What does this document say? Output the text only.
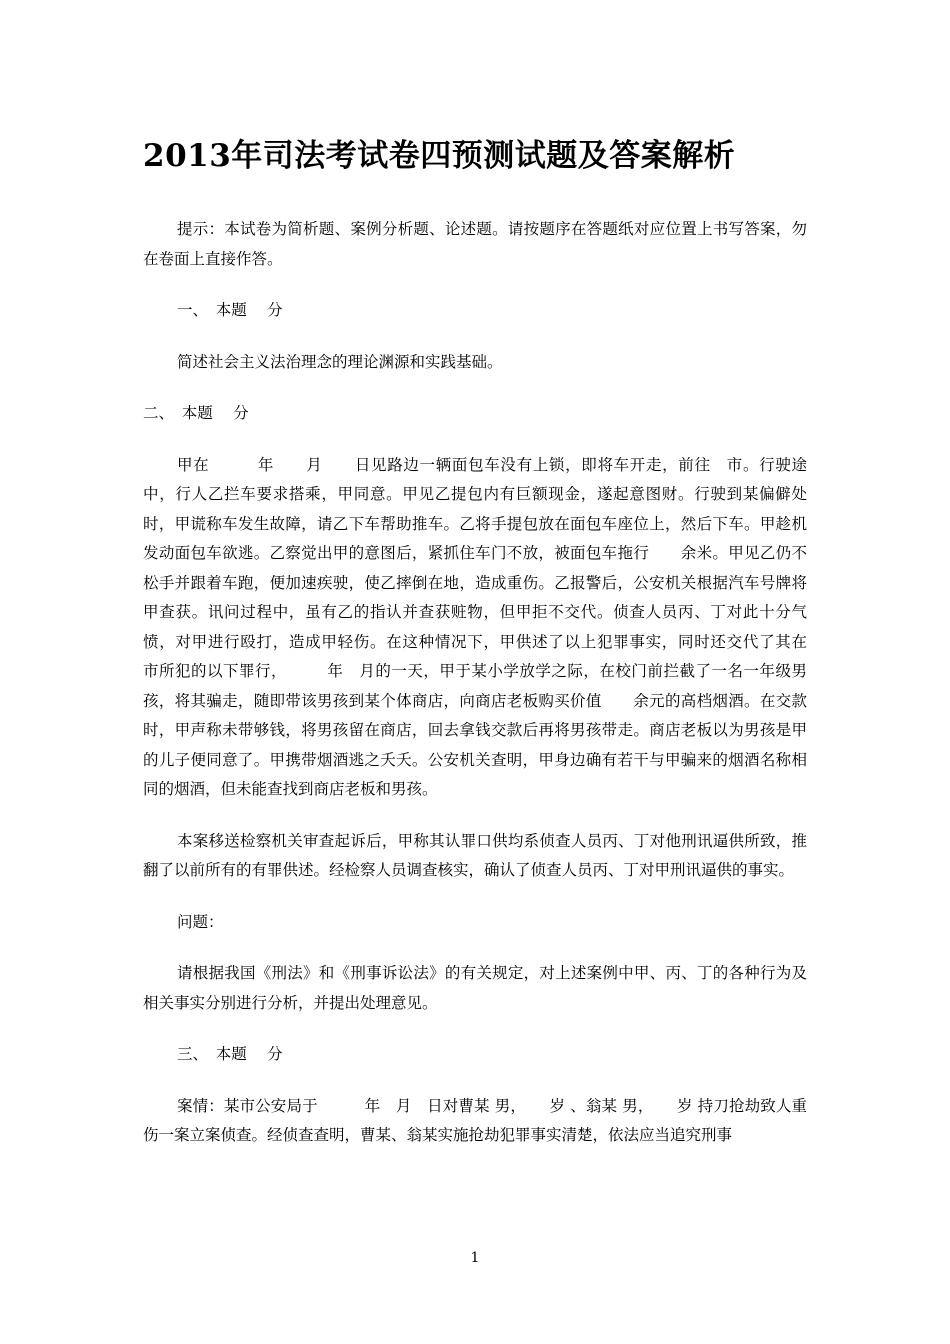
2013年司法考试卷四预测试题及答案解析

提示：本试卷为简析题、案例分析题、论述题。请按题序在答题纸对应位置上书写答案，勿在卷面上直接作答。

一、　本题　 分

简述社会主义法治理念的理论渊源和实践基础。

二、　本题　 分

甲在　　　年　　月　　日见路边一辆面包车没有上锁，即将车开走，前往　市。行驶途中，行人乙拦车要求搭乘，甲同意。甲见乙提包内有巨额现金，遂起意图财。行驶到某偏僻处时，甲谎称车发生故障，请乙下车帮助推车。乙将手提包放在面包车座位上，然后下车。甲趁机发动面包车欲逃。乙察觉出甲的意图后，紧抓住车门不放，被面包车拖行　　余米。甲见乙仍不松手并跟着车跑，便加速疾驶，使乙摔倒在地，造成重伤。乙报警后，公安机关根据汽车号牌将甲查获。讯问过程中，虽有乙的指认并查获赃物，但甲拒不交代。侦查人员丙、丁对此十分气愤，对甲进行殴打，造成甲轻伤。在这种情况下，甲供述了以上犯罪事实，同时还交代了其在　市所犯的以下罪行，　　　年　月的一天，甲于某小学放学之际，在校门前拦截了一名一年级男孩，将其骗走，随即带该男孩到某个体商店，向商店老板购买价值　　余元的高档烟酒。在交款时，甲声称未带够钱，将男孩留在商店，回去拿钱交款后再将男孩带走。商店老板以为男孩是甲的儿子便同意了。甲携带烟酒逃之夭夭。公安机关查明，甲身边确有若干与甲骗来的烟酒名称相同的烟酒，但未能查找到商店老板和男孩。

本案移送检察机关审查起诉后，甲称其认罪口供均系侦查人员丙、丁对他刑讯逼供所致，推翻了以前所有的有罪供述。经检察人员调查核实，确认了侦查人员丙、丁对甲刑讯逼供的事实。

问题：

请根据我国《刑法》和《刑事诉讼法》的有关规定，对上述案例中甲、丙、丁的各种行为及相关事实分别进行分析，并提出处理意见。

三、　本题　 分

案情：某市公安局于　　　年　月　日对曹某 男，　　岁 、翁某 男，　　岁 持刀抢劫致人重伤一案立案侦查。经侦查查明，曹某、翁某实施抢劫犯罪事实清楚，依法应当追究刑事

1
